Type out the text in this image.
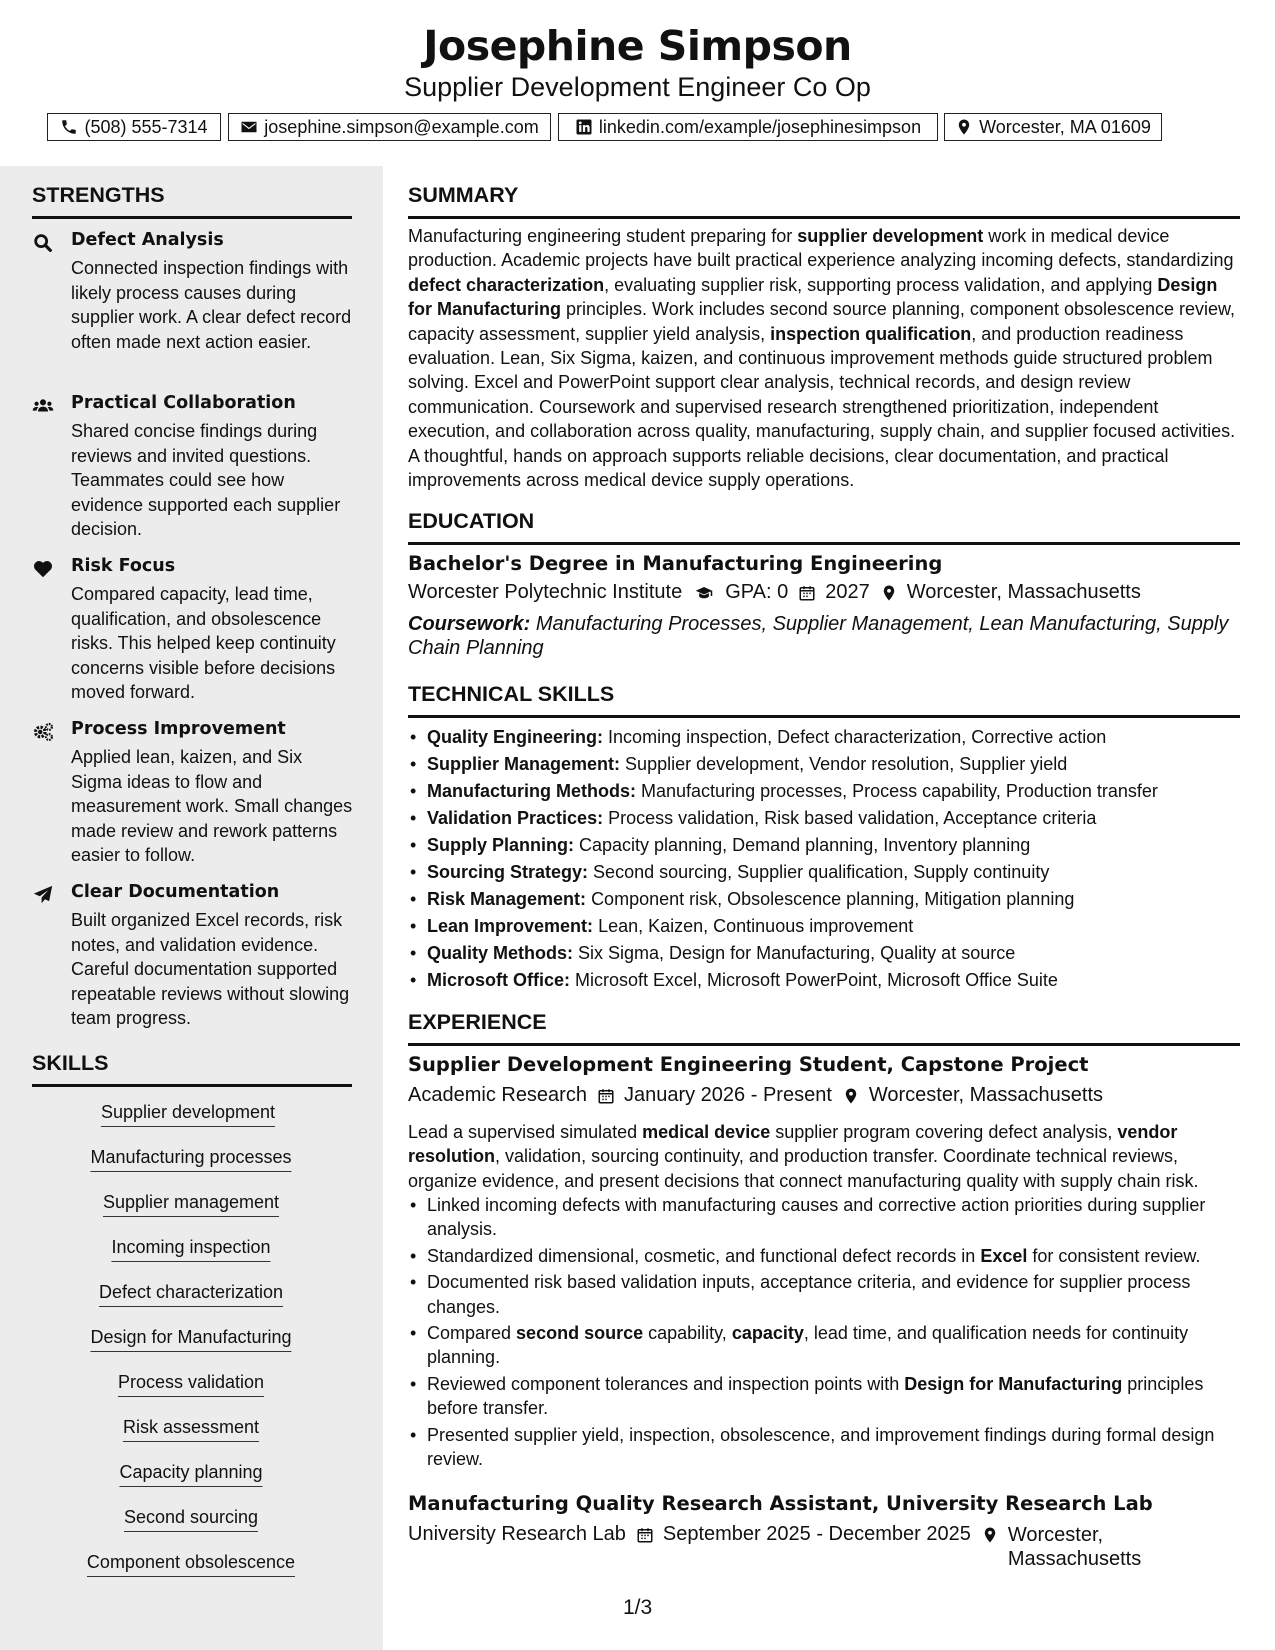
Josephine Simpson
Supplier Development Engineer Co Op
(508) 555-7314	josephine.simpson@example.com	linkedin.com/example/josephinesimpson	Worcester, MA 01609
STRENGTHS
Defect Analysis
Connected inspection findings with likely process causes during supplier work. A clear defect record often made next action easier.
Practical Collaboration
Shared concise findings during reviews and invited questions. Teammates could see how evidence supported each supplier decision.
Risk Focus
Compared capacity, lead time, qualification, and obsolescence risks. This helped keep continuity concerns visible before decisions moved forward.
Process Improvement
Applied lean, kaizen, and Six Sigma ideas to flow and measurement work. Small changes made review and rework patterns easier to follow.
Clear Documentation
Built organized Excel records, risk notes, and validation evidence. Careful documentation supported repeatable reviews without slowing team progress.
SKILLS
Supplier development
Manufacturing processes
Supplier management
Incoming inspection
Defect characterization
Design for Manufacturing
Process validation
Risk assessment
Capacity planning
Second sourcing
Component obsolescence
SUMMARY
Manufacturing engineering student preparing for supplier development work in medical device production. Academic projects have built practical experience analyzing incoming defects, standardizing defect characterization, evaluating supplier risk, supporting process validation, and applying Design for Manufacturing principles. Work includes second source planning, component obsolescence review, capacity assessment, supplier yield analysis, inspection qualification, and production readiness evaluation. Lean, Six Sigma, kaizen, and continuous improvement methods guide structured problem solving. Excel and PowerPoint support clear analysis, technical records, and design review communication. Coursework and supervised research strengthened prioritization, independent execution, and collaboration across quality, manufacturing, supply chain, and supplier focused activities. A thoughtful, hands on approach supports reliable decisions, clear documentation, and practical improvements across medical device supply operations.
EDUCATION
Bachelor's Degree in Manufacturing Engineering
Worcester Polytechnic Institute GPA: 0 2027 Worcester, Massachusetts
Coursework: Manufacturing Processes, Supplier Management, Lean Manufacturing, Supply Chain Planning
TECHNICAL SKILLS
• Quality Engineering: Incoming inspection, Defect characterization, Corrective action
• Supplier Management: Supplier development, Vendor resolution, Supplier yield
• Manufacturing Methods: Manufacturing processes, Process capability, Production transfer
• Validation Practices: Process validation, Risk based validation, Acceptance criteria
• Supply Planning: Capacity planning, Demand planning, Inventory planning
• Sourcing Strategy: Second sourcing, Supplier qualification, Supply continuity
• Risk Management: Component risk, Obsolescence planning, Mitigation planning
• Lean Improvement: Lean, Kaizen, Continuous improvement
• Quality Methods: Six Sigma, Design for Manufacturing, Quality at source
• Microsoft Office: Microsoft Excel, Microsoft PowerPoint, Microsoft Office Suite
EXPERIENCE
Supplier Development Engineering Student, Capstone Project
Academic Research January 2026 - Present Worcester, Massachusetts
Lead a supervised simulated medical device supplier program covering defect analysis, vendor resolution, validation, sourcing continuity, and production transfer. Coordinate technical reviews, organize evidence, and present decisions that connect manufacturing quality with supply chain risk.
• Linked incoming defects with manufacturing causes and corrective action priorities during supplier analysis.
• Standardized dimensional, cosmetic, and functional defect records in Excel for consistent review.
• Documented risk based validation inputs, acceptance criteria, and evidence for supplier process changes.
• Compared second source capability, capacity, lead time, and qualification needs for continuity planning.
• Reviewed component tolerances and inspection points with Design for Manufacturing principles before transfer.
• Presented supplier yield, inspection, obsolescence, and improvement findings during formal design review.
Manufacturing Quality Research Assistant, University Research Lab
University Research Lab September 2025 - December 2025 Worcester, Massachusetts
1/3
